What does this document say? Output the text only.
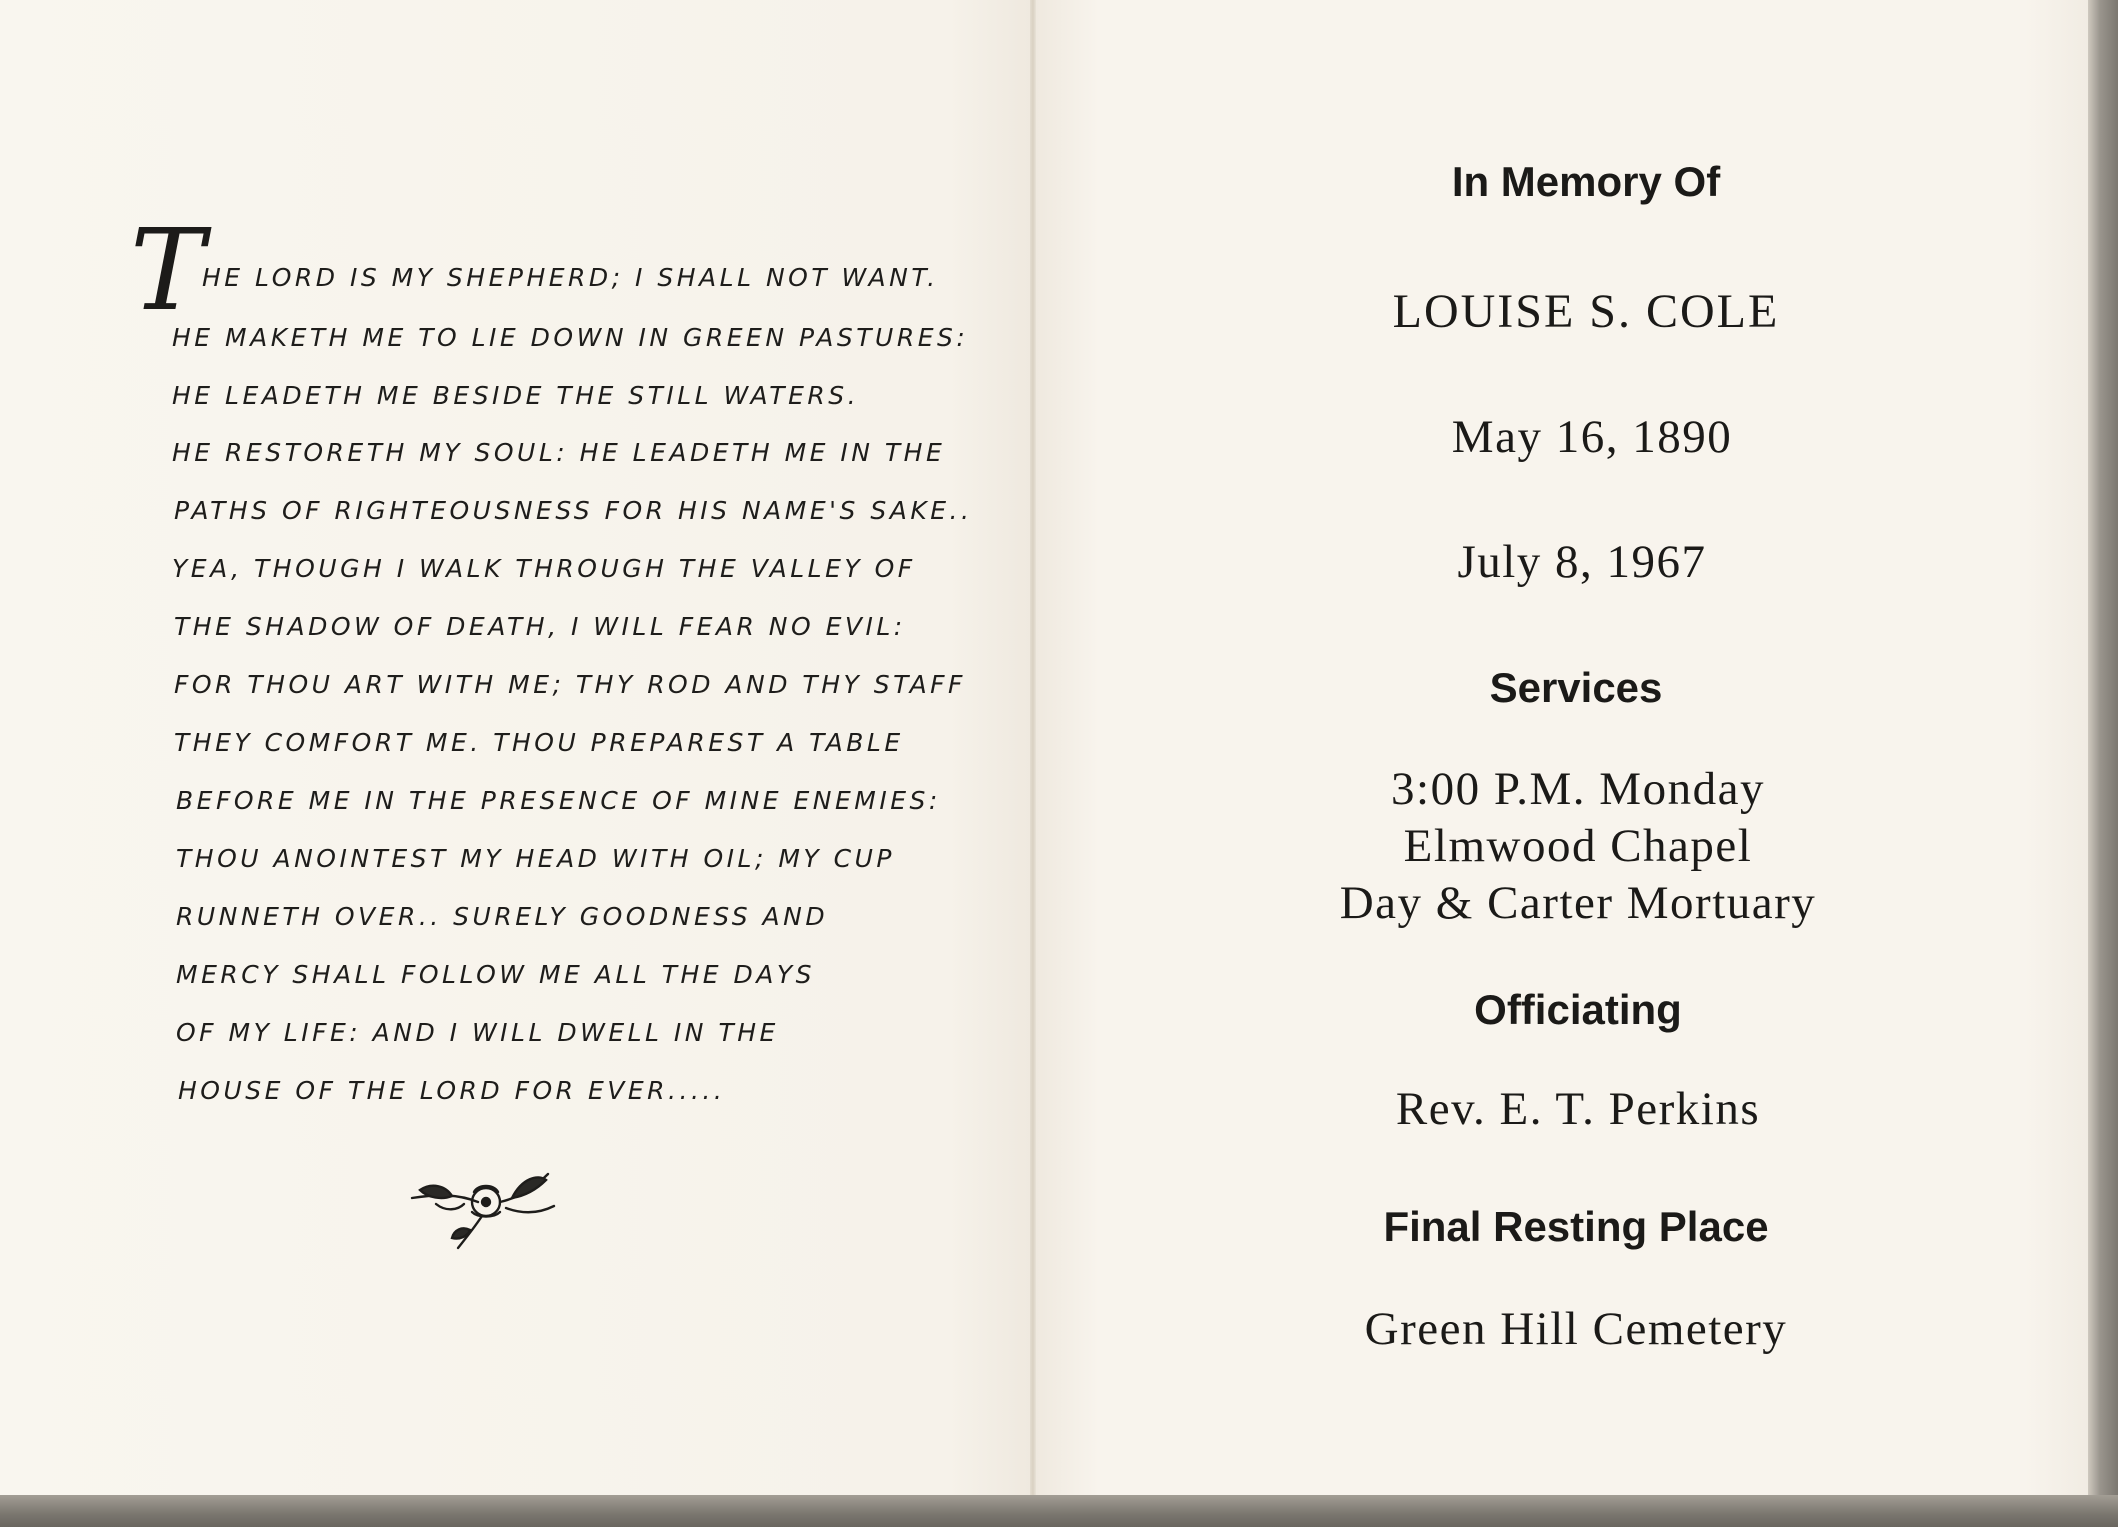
T
HE LORD IS MY SHEPHERD; I SHALL NOT WANT.
HE MAKETH ME TO LIE DOWN IN GREEN PASTURES:
HE LEADETH ME BESIDE THE STILL WATERS.
HE RESTORETH MY SOUL: HE LEADETH ME IN THE
PATHS OF RIGHTEOUSNESS FOR HIS NAME'S SAKE..
YEA, THOUGH I WALK THROUGH THE VALLEY OF
THE SHADOW OF DEATH, I WILL FEAR NO EVIL:
FOR THOU ART WITH ME; THY ROD AND THY STAFF
THEY COMFORT ME. THOU PREPAREST A TABLE
BEFORE ME IN THE PRESENCE OF MINE ENEMIES:
THOU ANOINTEST MY HEAD WITH OIL; MY CUP
RUNNETH OVER.. SURELY GOODNESS AND
MERCY SHALL FOLLOW ME ALL THE DAYS
OF MY LIFE: AND I WILL DWELL IN THE
HOUSE OF THE LORD FOR EVER.....
In Memory Of
LOUISE S. COLE
May 16, 1890
July 8, 1967
Services
3:00 P.M. Monday
Elmwood Chapel
Day & Carter Mortuary
Officiating
Rev. E. T. Perkins
Final Resting Place
Green Hill Cemetery
